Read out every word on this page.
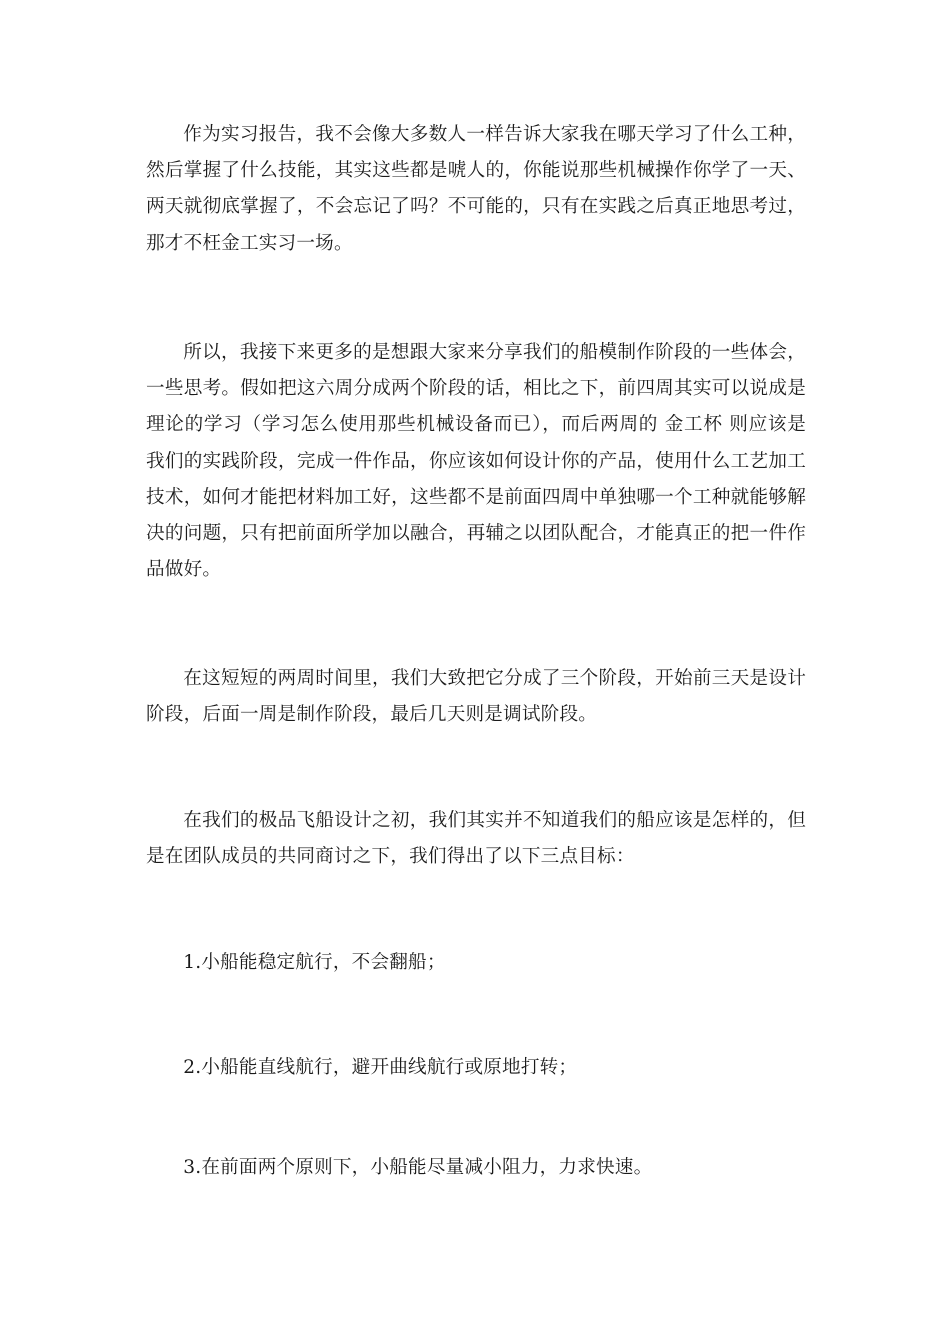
作为实习报告，我不会像大多数人一样告诉大家我在哪天学习了什么工种，然后掌握了什么技能，其实这些都是唬人的，你能说那些机械操作你学了一天、两天就彻底掌握了，不会忘记了吗？不可能的，只有在实践之后真正地思考过，那才不枉金工实习一场。

所以，我接下来更多的是想跟大家来分享我们的船模制作阶段的一些体会，一些思考。假如把这六周分成两个阶段的话，相比之下，前四周其实可以说成是理论的学习（学习怎么使用那些机械设备而已），而后两周的 金工杯 则应该是我们的实践阶段，完成一件作品，你应该如何设计你的产品，使用什么工艺加工技术，如何才能把材料加工好，这些都不是前面四周中单独哪一个工种就能够解决的问题，只有把前面所学加以融合，再辅之以团队配合，才能真正的把一件作品做好。

在这短短的两周时间里，我们大致把它分成了三个阶段，开始前三天是设计阶段，后面一周是制作阶段，最后几天则是调试阶段。

在我们的极品飞船设计之初，我们其实并不知道我们的船应该是怎样的，但是在团队成员的共同商讨之下，我们得出了以下三点目标：

1.小船能稳定航行，不会翻船；

2.小船能直线航行，避开曲线航行或原地打转；

3.在前面两个原则下，小船能尽量减小阻力，力求快速。
